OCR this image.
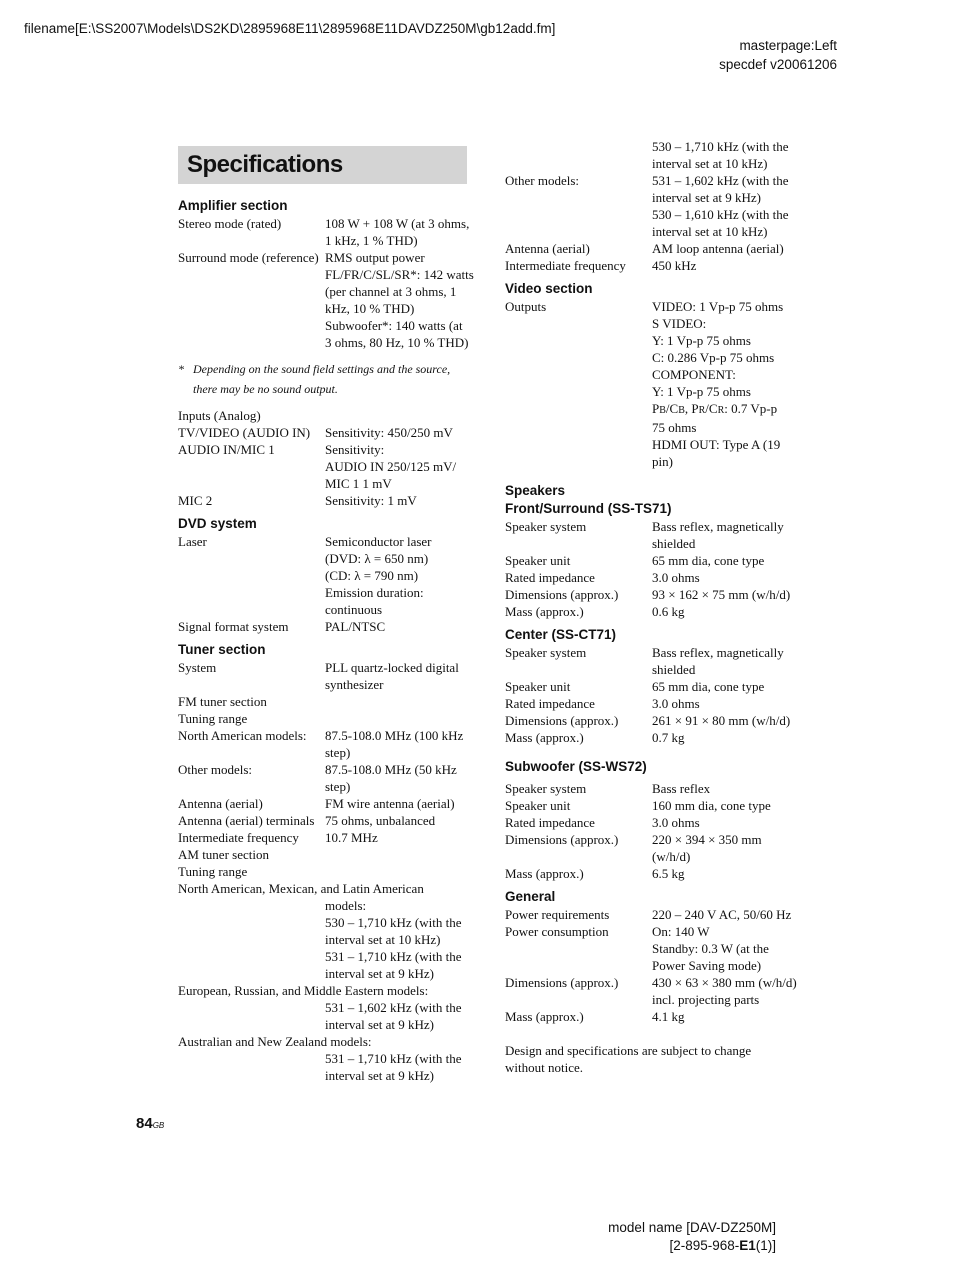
filename[E:\SS2007\Models\DS2KD\2895968E11\2895968E11DAVDZ250M\gb12add.fm]
masterpage:Left
specdef v20061206
Specifications
Amplifier section
Stereo mode (rated)	108 W + 108 W (at 3 ohms,
1 kHz, 1 % THD)
Surround mode (reference) RMS output power
FL/FR/C/SL/SR*: 142 watts
(per channel at 3 ohms, 1
kHz, 10 % THD)
Subwoofer*: 140 watts (at
3 ohms, 80 Hz, 10 % THD)
* Depending on the sound field settings and the source,
there may be no sound output.
Inputs (Analog)
TV/VIDEO (AUDIO IN)	Sensitivity: 450/250 mV
AUDIO IN/MIC 1	Sensitivity:
AUDIO IN 250/125 mV/
MIC 1 1 mV
MIC 2	Sensitivity: 1 mV
DVD system
Laser	Semiconductor laser
(DVD: λ = 650 nm)
(CD: λ = 790 nm)
Emission duration:
continuous
Signal format system	PAL/NTSC
Tuner section
System	PLL quartz-locked digital
synthesizer
FM tuner section
Tuning range
North American models:	87.5-108.0 MHz (100 kHz
step)
Other models:	87.5-108.0 MHz (50 kHz
step)
Antenna (aerial)	FM wire antenna (aerial)
Antenna (aerial) terminals 75 ohms, unbalanced
Intermediate frequency	10.7 MHz
AM tuner section
Tuning range
North American, Mexican, and Latin American
models:
530 – 1,710 kHz (with the
interval set at 10 kHz)
531 – 1,710 kHz (with the
interval set at 9 kHz)
European, Russian, and Middle Eastern models:
531 – 1,602 kHz (with the
interval set at 9 kHz)
Australian and New Zealand models:
531 – 1,710 kHz (with the
interval set at 9 kHz)
530 – 1,710 kHz (with the
interval set at 10 kHz)
Other models:	531 – 1,602 kHz (with the
interval set at 9 kHz)
530 – 1,610 kHz (with the
interval set at 10 kHz)
Antenna (aerial)	AM loop antenna (aerial)
Intermediate frequency	450 kHz
Video section
Outputs	VIDEO: 1 Vp-p 75 ohms
S VIDEO:
Y: 1 Vp-p 75 ohms
C: 0.286 Vp-p 75 ohms
COMPONENT:
Y: 1 Vp-p 75 ohms
PB/CB, PR/CR: 0.7 Vp-p
75 ohms
HDMI OUT: Type A (19
pin)
Speakers
Front/Surround (SS-TS71)
Speaker system	Bass reflex, magnetically
shielded
Speaker unit	65 mm dia, cone type
Rated impedance	3.0 ohms
Dimensions (approx.)	93 × 162 × 75 mm (w/h/d)
Mass (approx.)	0.6 kg
Center (SS-CT71)
Speaker system	Bass reflex, magnetically
shielded
Speaker unit	65 mm dia, cone type
Rated impedance	3.0 ohms
Dimensions (approx.)	261 × 91 × 80 mm (w/h/d)
Mass (approx.)	0.7 kg
Subwoofer (SS-WS72)
Speaker system	Bass reflex
Speaker unit	160 mm dia, cone type
Rated impedance	3.0 ohms
Dimensions (approx.)	220 × 394 × 350 mm
(w/h/d)
Mass (approx.)	6.5 kg
General
Power requirements	220 – 240 V AC, 50/60 Hz
Power consumption	On: 140 W
Standby: 0.3 W (at the
Power Saving mode)
Dimensions (approx.)	430 × 63 × 380 mm (w/h/d)
incl. projecting parts
Mass (approx.)	4.1 kg
Design and specifications are subject to change
without notice.
84GB
model name [DAV-DZ250M]
[2-895-968-E1(1)]
